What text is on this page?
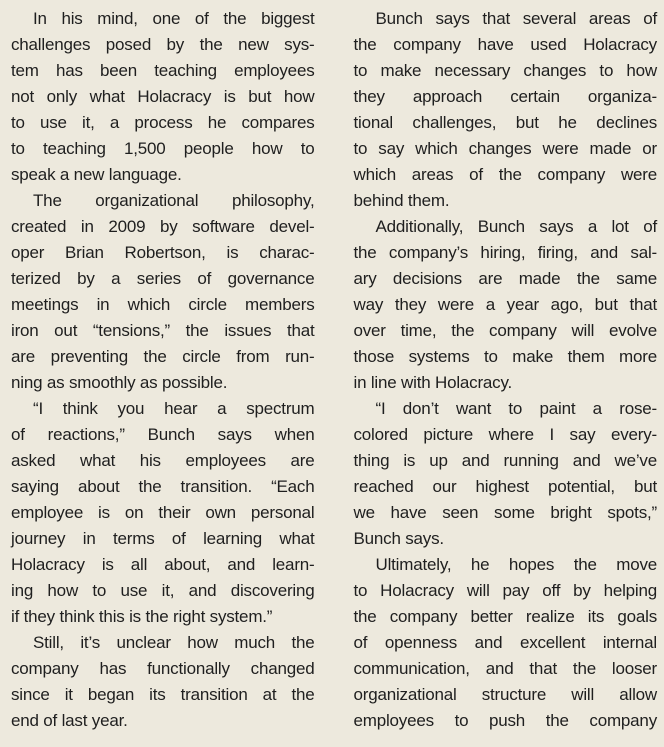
In his mind, one of the biggest
challenges posed by the new sys-
tem has been teaching employees
not only what Holacracy is but how
to use it, a process he compares
to teaching 1,500 people how to
speak a new language.
The organizational philosophy,
created in 2009 by software devel-
oper Brian Robertson, is charac-
terized by a series of governance
meetings in which circle members
iron out “tensions,” the issues that
are preventing the circle from run-
ning as smoothly as possible.
“I think you hear a spectrum
of reactions,” Bunch says when
asked what his employees are
saying about the transition. “Each
employee is on their own personal
journey in terms of learning what
Holacracy is all about, and learn-
ing how to use it, and discovering
if they think this is the right system.”
Still, it’s unclear how much the
company has functionally changed
since it began its transition at the
end of last year.
Bunch says that several areas of
the company have used Holacracy
to make necessary changes to how
they approach certain organiza-
tional challenges, but he declines
to say which changes were made or
which areas of the company were
behind them.
Additionally, Bunch says a lot of
the company’s hiring, firing, and sal-
ary decisions are made the same
way they were a year ago, but that
over time, the company will evolve
those systems to make them more
in line with Holacracy.
“I don’t want to paint a rose-
colored picture where I say every-
thing is up and running and we’ve
reached our highest potential, but
we have seen some bright spots,”
Bunch says.
Ultimately, he hopes the move
to Holacracy will pay off by helping
the company better realize its goals
of openness and excellent internal
communication, and that the looser
organizational structure will allow
employees to push the company
